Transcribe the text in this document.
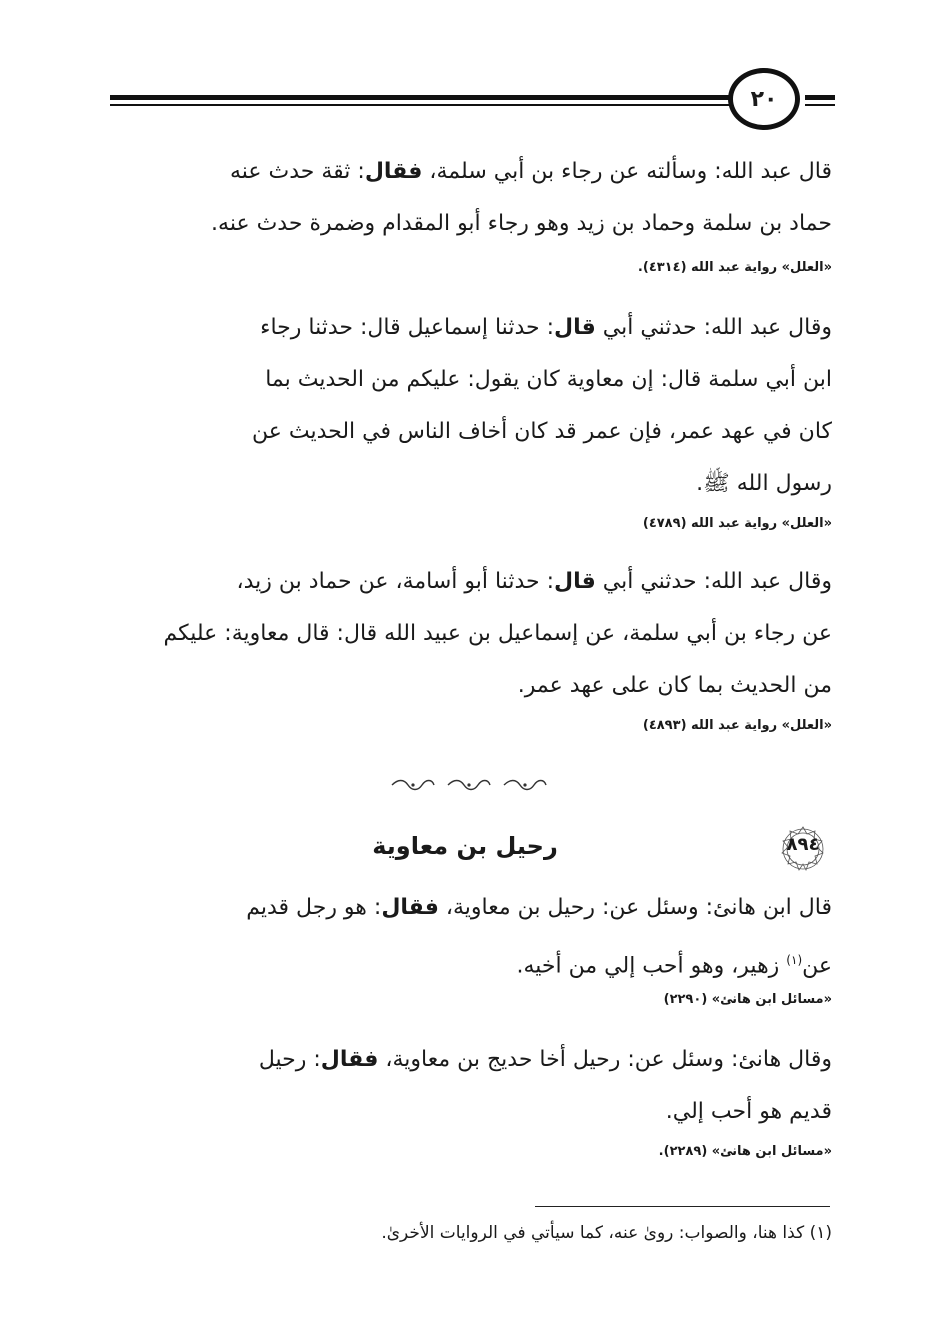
٢٠
قال عبد الله: وسألته عن رجاء بن أبي سلمة، فقال: ثقة حدث عنه
حماد بن سلمة وحماد بن زيد وهو رجاء أبو المقدام وضمرة حدث عنه.
«العلل» رواية عبد الله (٤٣١٤).
وقال عبد الله: حدثني أبي قال: حدثنا إسماعيل قال: حدثنا رجاء
ابن أبي سلمة قال: إن معاوية كان يقول: عليكم من الحديث بما
كان في عهد عمر، فإن عمر قد كان أخاف الناس في الحديث عن
رسول الله ﷺ.
«العلل» رواية عبد الله (٤٧٨٩)
وقال عبد الله: حدثني أبي قال: حدثنا أبو أسامة، عن حماد بن زيد،
عن رجاء بن أبي سلمة، عن إسماعيل بن عبيد الله قال: قال معاوية: عليكم
من الحديث بما كان على عهد عمر.
«العلل» رواية عبد الله (٤٨٩٣)
٨٩٤
رحيل بن معاوية
قال ابن هانئ: وسئل عن: رحيل بن معاوية، فقال: هو رجل قديم
عن$^{(١)}$ زهير، وهو أحب إلي من أخيه.
«مسائل ابن هانئ» (٢٢٩٠)
وقال هانئ: وسئل عن: رحيل أخا حديج بن معاوية، فقال: رحيل
قديم هو أحب إلي.
«مسائل ابن هانئ» (٢٢٨٩).
(١) كذا هنا، والصواب: روىٰ عنه، كما سيأتي في الروايات الأخرىٰ.
